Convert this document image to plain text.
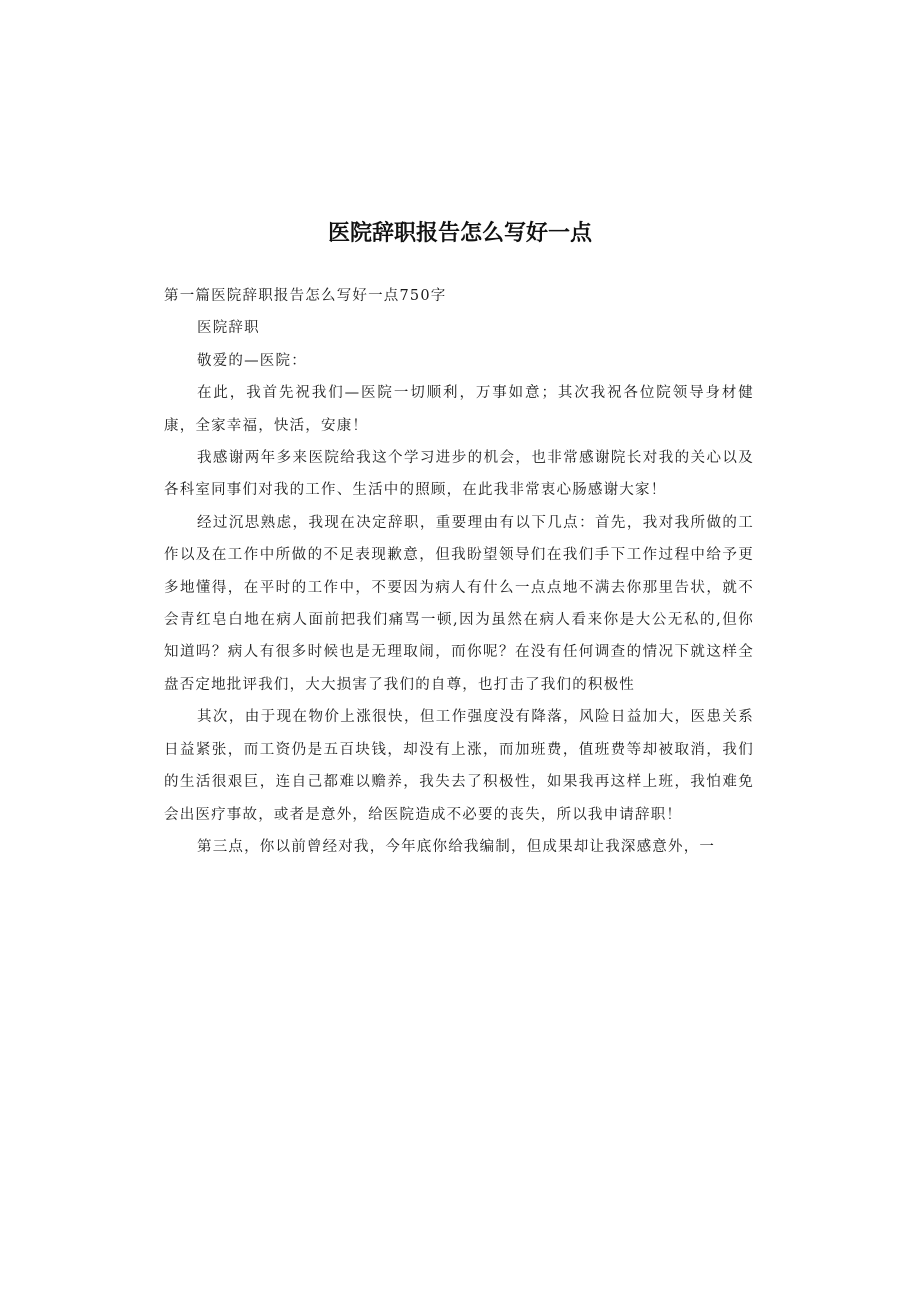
医院辞职报告怎么写好一点

第一篇医院辞职报告怎么写好一点750字

医院辞职

敬爱的—医院：

在此，我首先祝我们—医院一切顺利，万事如意；其次我祝各位院领导身材健康，全家幸福，快活，安康！

我感谢两年多来医院给我这个学习进步的机会，也非常感谢院长对我的关心以及各科室同事们对我的工作、生活中的照顾，在此我非常衷心肠感谢大家！

经过沉思熟虑，我现在决定辞职，重要理由有以下几点：首先，我对我所做的工作以及在工作中所做的不足表现歉意，但我盼望领导们在我们手下工作过程中给予更多地懂得，在平时的工作中，不要因为病人有什么一点点地不满去你那里告状，就不会青红皂白地在病人面前把我们痛骂一顿,因为虽然在病人看来你是大公无私的,但你知道吗？病人有很多时候也是无理取闹，而你呢？在没有任何调查的情况下就这样全盘否定地批评我们，大大损害了我们的自尊，也打击了我们的积极性

其次，由于现在物价上涨很快，但工作强度没有降落，风险日益加大，医患关系日益紧张，而工资仍是五百块钱，却没有上涨，而加班费，值班费等却被取消，我们的生活很艰巨，连自己都难以赡养，我失去了积极性，如果我再这样上班，我怕难免会出医疗事故，或者是意外，给医院造成不必要的丧失，所以我申请辞职！

第三点，你以前曾经对我，今年底你给我编制，但成果却让我深感意外，一
